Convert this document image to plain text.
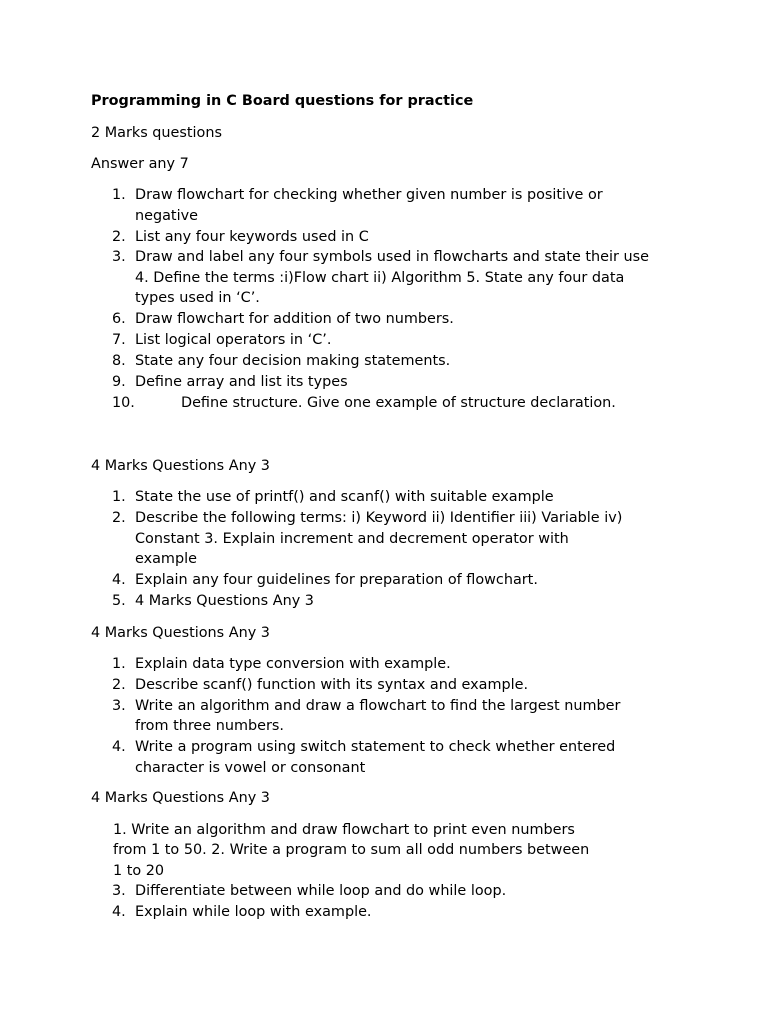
Programming in C Board questions for practice
2 Marks questions
Answer any 7
1. Draw flowchart for checking whether given number is positive or
negative
2. List any four keywords used in C
3. Draw and label any four symbols used in flowcharts and state their use
4. Define the terms :i)Flow chart ii) Algorithm 5. State any four data
types used in ‘C’.
6. Draw flowchart for addition of two numbers.
7. List logical operators in ‘C’.
8. State any four decision making statements.
9. Define array and list its types
10.	Define structure. Give one example of structure declaration.
4 Marks Questions Any 3
1. State the use of printf() and scanf() with suitable example
2. Describe the following terms: i) Keyword ii) Identifier iii) Variable iv)
Constant 3. Explain increment and decrement operator with
example
4. Explain any four guidelines for preparation of flowchart.
5. 4 Marks Questions Any 3
4 Marks Questions Any 3
1. Explain data type conversion with example.
2. Describe scanf() function with its syntax and example.
3. Write an algorithm and draw a flowchart to find the largest number
from three numbers.
4. Write a program using switch statement to check whether entered
character is vowel or consonant
4 Marks Questions Any 3
1. Write an algorithm and draw flowchart to print even numbers
from 1 to 50. 2. Write a program to sum all odd numbers between
1 to 20
3. Differentiate between while loop and do while loop.
4. Explain while loop with example.
